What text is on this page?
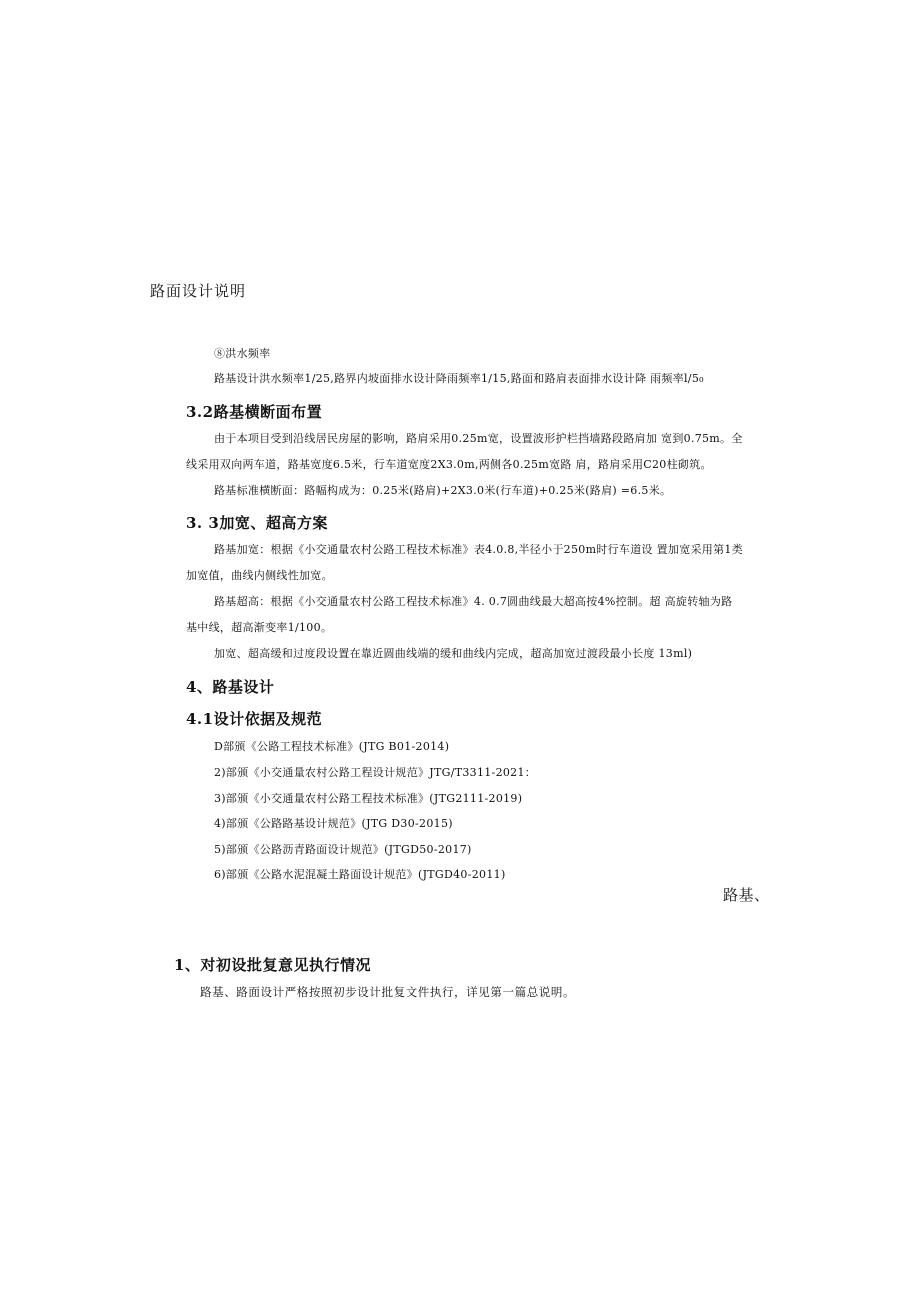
路面设计说明
⑧洪水频率
路基设计洪水频率1/25,路界内坡面排水设计降雨频率1/15,路面和路肩表面排水设计降 雨频率l/5₀
3.2路基横断面布置
由于本项目受到沿线居民房屋的影响，路肩采用0.25m宽，设置波形护栏挡墙路段路肩加 宽到0.75m。全
线采用双向两车道，路基宽度6.5米，行车道宽度2X3.0m,两侧各0.25m宽路 肩，路肩采用C20柱砌筑。
路基标准横断面：路幅构成为：0.25米(路肩)+2X3.0米(行车道)+0.25米(路肩) =6.5米。
3. 3加宽、超高方案
路基加宽：根据《小交通量农村公路工程技术标准》表4.0.8,半径小于250m时行车道设 置加宽采用第1类
加宽值，曲线内侧线性加宽。
路基超高：根据《小交通量农村公路工程技术标准》4. 0.7圆曲线最大超高按4%控制。超 高旋转轴为路
基中线，超高渐变率1/100。
加宽、超高缓和过度段设置在靠近圆曲线端的缓和曲线内完成，超高加宽过渡段最小长度 13ml)
4、路基设计
4.1设计依据及规范
D部颁《公路工程技术标准》(JTG B01-2014)
2)部颁《小交通量农村公路工程设计规范》JTG/T3311-2021：
3)部颁《小交通量农村公路工程技术标准》(JTG2111-2019)
4)部颁《公路路基设计规范》(JTG D30-2015)
5)部颁《公路沥青路面设计规范》(JTGD50-2017)
6)部颁《公路水泥混凝土路面设计规范》(JTGD40-2011)
路基、
1、对初设批复意见执行情况
路基、路面设计严格按照初步设计批复文件执行，详见第一篇总说明。
